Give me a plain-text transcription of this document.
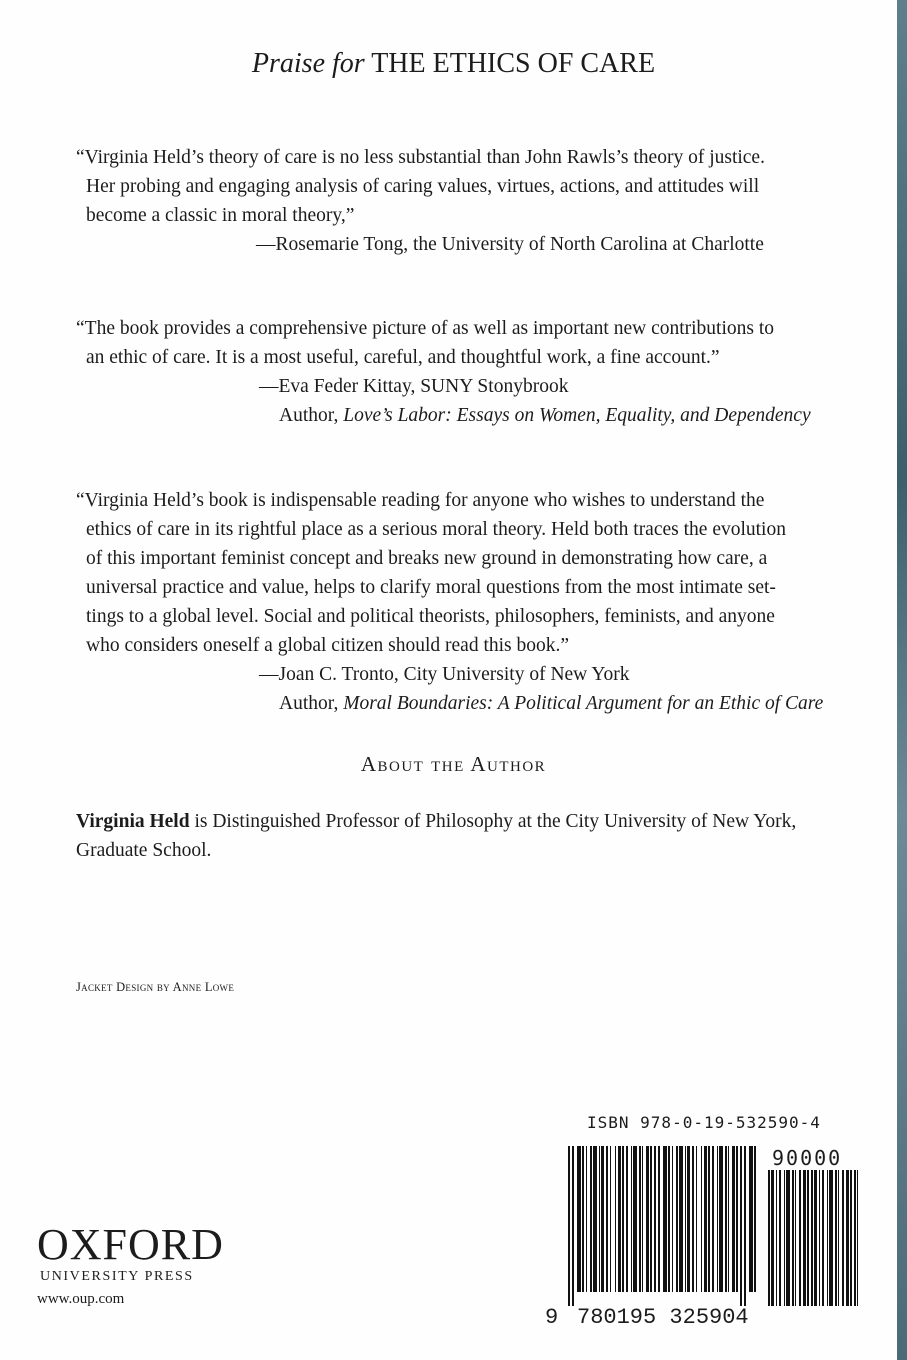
Praise for THE ETHICS OF CARE
“Virginia Held’s theory of care is no less substantial than John Rawls’s theory of justice.
Her probing and engaging analysis of caring values, virtues, actions, and attitudes will
become a classic in moral theory,”
—Rosemarie Tong, the University of North Carolina at Charlotte
“The book provides a comprehensive picture of as well as important new contributions to
an ethic of care. It is a most useful, careful, and thoughtful work, a fine account.”
—Eva Feder Kittay, SUNY Stonybrook
Author, Love’s Labor: Essays on Women, Equality, and Dependency
“Virginia Held’s book is indispensable reading for anyone who wishes to understand the
ethics of care in its rightful place as a serious moral theory. Held both traces the evolution
of this important feminist concept and breaks new ground in demonstrating how care, a
universal practice and value, helps to clarify moral questions from the most intimate set-
tings to a global level. Social and political theorists, philosophers, feminists, and anyone
who considers oneself a global citizen should read this book.”
—Joan C. Tronto, City University of New York
Author, Moral Boundaries: A Political Argument for an Ethic of Care
About the Author
Virginia Held is Distinguished Professor of Philosophy at the City University of New York,
Graduate School.
Jacket Design by Anne Lowe
OXFORD
UNIVERSITY PRESS
www.oup.com
ISBN 978-0-19-532590-4
90000
9 780195 325904
